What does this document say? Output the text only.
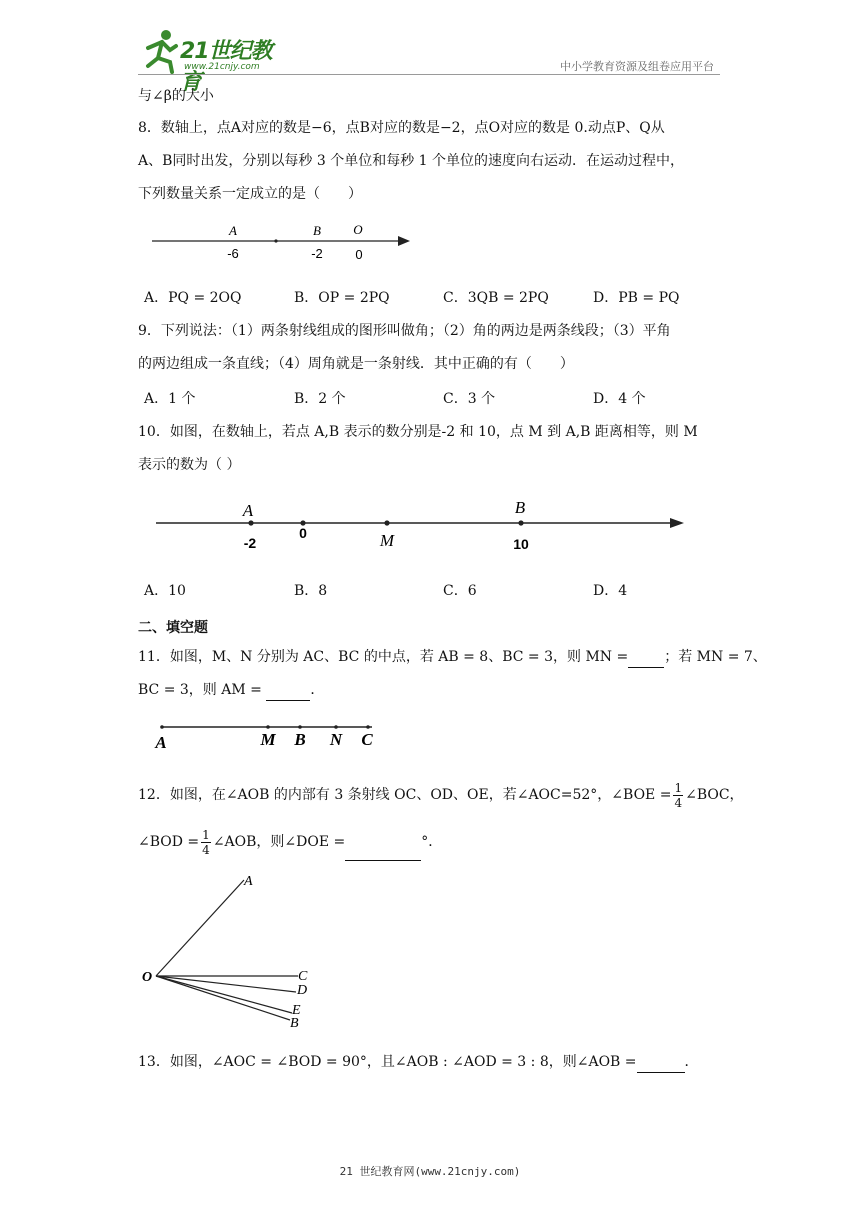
21世纪教育
www.21cnjy.com	中小学教育资源及组卷应用平台
与∠β的大小
8．数轴上，点A对应的数是−6，点B对应的数是−2，点O对应的数是 0.动点P、Q从
A、B同时出发，分别以每秒 3 个单位和每秒 1 个单位的速度向右运动．在运动过程中，
下列数量关系一定成立的是（　　）
A	B O
-6	-2	0
A．PQ = 2OQ	B．OP = 2PQ	C．3QB = 2PQ	D．PB = PQ
9．下列说法：（1）两条射线组成的图形叫做角；（2）角的两边是两条线段；（3）平角
的两边组成一条直线；（4）周角就是一条射线．其中正确的有（　　）
A．1 个	B．2 个	C．3 个	D．4 个
10．如图，在数轴上，若点 A,B 表示的数分别是-2 和 10，点 M 到 A,B 距离相等，则 M
表示的数为（ ）
A	B
M
-2
0
10
A．10	B．8	C．6	D．4
二、填空题
11．如图，M、N 分别为 AC、BC 的中点，若 AB = 8、BC = 3，则 MN =	；若 MN = 7、
BC = 3，则 AM =	．
A	M B N C
12．如图，在∠AOB 的内部有 3 条射线 OC、OD、OE，若∠AOC=52°，∠BOE = $\frac{1}{4}$ ∠BOC，
∠BOD = $\frac{1}{4}$ ∠AOB，则∠DOE =	°．
A
O	C
D
E
B
13．如图，∠AOC = ∠BOD = 90°，且∠AOB : ∠AOD = 3 : 8，则∠AOB =	．
21 世纪教育网(www.21cnjy.com)
